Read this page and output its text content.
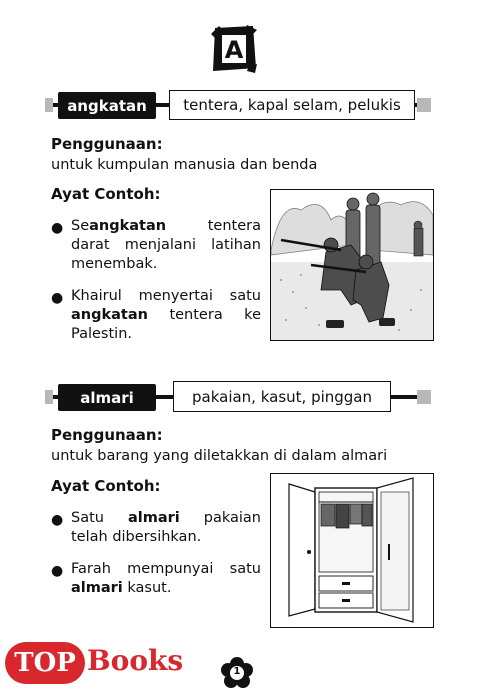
A
angkatan	tentera, kapal selam, pelukis
Penggunaan:
untuk kumpulan manusia dan benda
Ayat Contoh:
● Seangkatan tentera darat menjalani latihan menembak.
● Khairul menyertai satu angkatan tentera ke Palestin.
almari	pakaian, kasut, pinggan
Penggunaan:
untuk barang yang diletakkan di dalam almari
Ayat Contoh:
● Satu almari pakaian telah dibersihkan.
● Farah mempunyai satu almari kasut.
TOP Books	1
